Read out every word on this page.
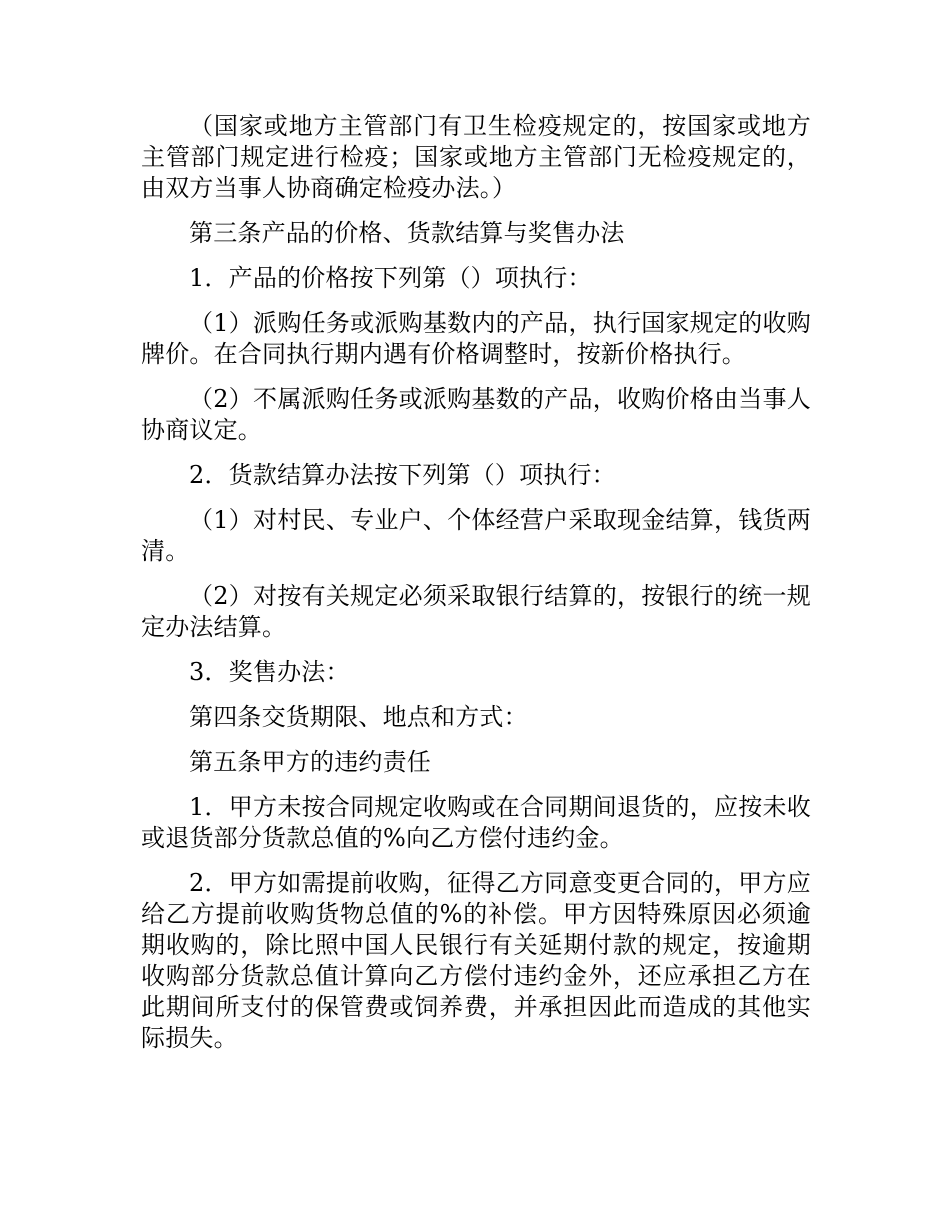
（国家或地方主管部门有卫生检疫规定的，按国家或地方主管部门规定进行检疫；国家或地方主管部门无检疫规定的，由双方当事人协商确定检疫办法。）

第三条产品的价格、货款结算与奖售办法

1．产品的价格按下列第（）项执行：

（1）派购任务或派购基数内的产品，执行国家规定的收购牌价。在合同执行期内遇有价格调整时，按新价格执行。

（2）不属派购任务或派购基数的产品，收购价格由当事人协商议定。

2．货款结算办法按下列第（）项执行：

（1）对村民、专业户、个体经营户采取现金结算，钱货两清。

（2）对按有关规定必须采取银行结算的，按银行的统一规定办法结算。

3．奖售办法：

第四条交货期限、地点和方式：

第五条甲方的违约责任

1．甲方未按合同规定收购或在合同期间退货的，应按未收或退货部分货款总值的%向乙方偿付违约金。

2．甲方如需提前收购，征得乙方同意变更合同的，甲方应给乙方提前收购货物总值的%的补偿。甲方因特殊原因必须逾期收购的，除比照中国人民银行有关延期付款的规定，按逾期收购部分货款总值计算向乙方偿付违约金外，还应承担乙方在此期间所支付的保管费或饲养费，并承担因此而造成的其他实际损失。
